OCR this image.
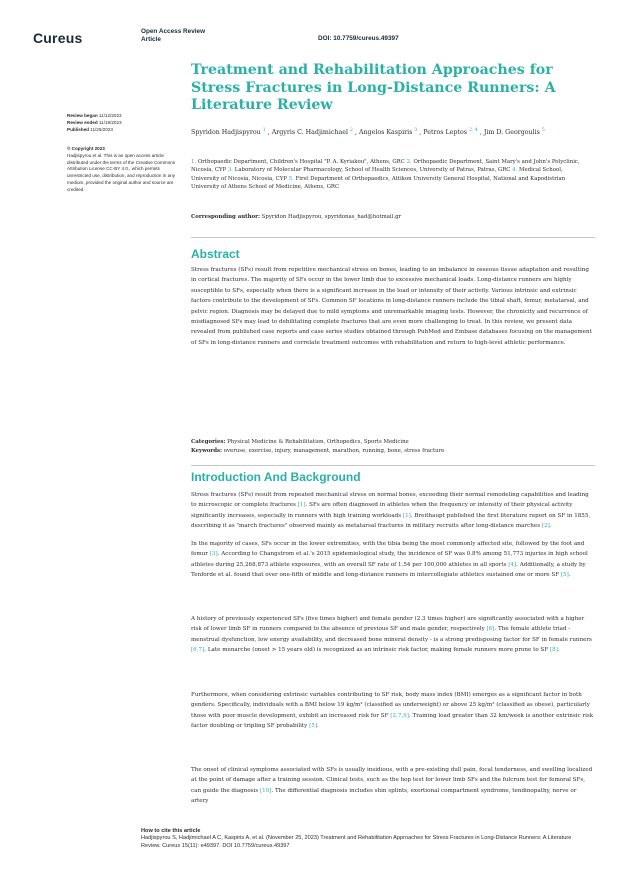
Cureus	Open Access Review
Article	DOI: 10.7759/cureus.49397
Treatment and Rehabilitation Approaches for Stress Fractures in Long-Distance Runners: A Literature Review
Review began 11/12/2023
Review ended 11/19/2023
Published 11/25/2023
© Copyright 2023
Hadjispyrou et al. This is an open access article distributed under the terms of the Creative Commons Attribution License CC-BY 4.0., which permits unrestricted use, distribution, and reproduction in any medium, provided the original author and source are credited.
Spyridon Hadjispyrou $^1$ , Argyris C. Hadjimichael $^2$ , Angelos Kaspiris $^3$ , Petros Leptos $^{2, 4}$ , Jim D. Georgoulis $^5$
1. Orthopaedic Department, Children's Hospital "P. A. Kyriakou", Athens, GRC 2. Orthopaedic Department, Saint Mary's and John's Polyclinic, Nicosia, CYP 3. Laboratory of Molecular Pharmacology, School of Health Sciences, University of Patras, Patras, GRC 4. Medical School, University of Nicosia, Nicosia, CYP 5. First Department of Orthopaedics, Attikon University General Hospital, National and Kapodistrian University of Athens School of Medicine, Athens, GRC
Corresponding author: Spyridon Hadjispyrou, spyridonas_had@hotmail.gr
Abstract

Stress fractures (SFs) result from repetitive mechanical stress on bones, leading to an imbalance in osseous tissue adaptation and resulting in cortical fractures. The majority of SFs occur in the lower limb due to excessive mechanical loads. Long-distance runners are highly susceptible to SFs, especially when there is a significant increase in the load or intensity of their activity. Various intrinsic and extrinsic factors contribute to the development of SFs. Common SF locations in long-distance runners include the tibial shaft, femur, metatarsal, and pelvic region. Diagnosis may be delayed due to mild symptoms and unremarkable imaging tests. However, the chronicity and recurrence of misdiagnosed SFs may lead to debilitating complete fractures that are even more challenging to treat. In this review, we present data revealed from published case reports and case series studies obtained through PubMed and Embase databases focusing on the management of SFs in long-distance runners and correlate treatment outcomes with rehabilitation and return to high-level athletic performance.

Categories: Physical Medicine & Rehabilitation, Orthopedics, Sports Medicine
Keywords: overuse, exercise, injury, management, marathon, running, bone, stress fracture
Introduction And Background

Stress fractures (SFs) result from repeated mechanical stress on normal bones, exceeding their normal remodeling capabilities and leading to microscopic or complete fractures [1]. SFs are often diagnosed in athletes when the frequency or intensity of their physical activity significantly increases, especially in runners with high training workloads [1]. Breithaupt published the first literature report on SF in 1855, describing it as "march fractures" observed mainly as metatarsal fractures in military recruits after long-distance marches [2].

In the majority of cases, SFs occur in the lower extremities, with the tibia being the most commonly affected site, followed by the foot and femur [3]. According to Changstrom et al.'s 2015 epidemiological study, the incidence of SF was 0.8% among 51,773 injuries in high school athletes during 25,268,873 athlete exposures, with an overall SF rate of 1.54 per 100,000 athletes in all sports [4]. Additionally, a study by Tenforde et al. found that over one-fifth of middle and long-distance runners in intercollegiate athletics sustained one or more SF [5].

A history of previously experienced SFs (five times higher) and female gender (2.3 times higher) are significantly associated with a higher risk of lower limb SF in runners compared to the absence of previous SF and male gender, respectively [6]. The female athlete triad - menstrual dysfunction, low energy availability, and decreased bone mineral density - is a strong predisposing factor for SF in female runners [6,7]. Late menarche (onset > 15 years old) is recognized as an intrinsic risk factor, making female runners more prone to SF [8].

Furthermore, when considering extrinsic variables contributing to SF risk, body mass index (BMI) emerges as a significant factor in both genders. Specifically, individuals with a BMI below 19 kg/m² (classified as underweight) or above 25 kg/m² (classified as obese), particularly those with poor muscle development, exhibit an increased risk for SF [2,7,9]. Training load greater than 32 km/week is another extrinsic risk factor doubling or tripling SF probability [5].

The onset of clinical symptoms associated with SFs is usually insidious, with a pre-existing dull pain, focal tenderness, and swelling localized at the point of damage after a training session. Clinical tests, such as the hop test for lower limb SFs and the fulcrum test for femoral SFs, can guide the diagnosis [10]. The differential diagnosis includes shin splints, exertional compartment syndrome, tendinopathy, nerve or artery

How to cite this article
Hadjispyrou S, Hadjimichael A C, Kaspiris A, et al. (November 25, 2023) Treatment and Rehabilitation Approaches for Stress Fractures in Long-Distance Runners: A Literature Review. Cureus 15(11): e49397. DOI 10.7759/cureus.49397
